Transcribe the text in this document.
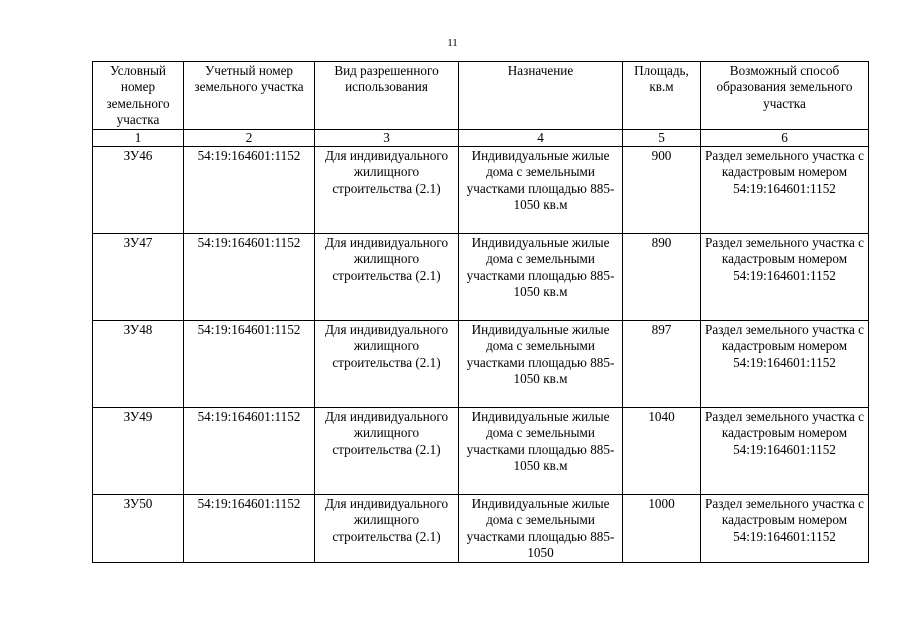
11
Условный номер земельного участка	Учетный номер земельного участка	Вид разрешенного использования	Назначение	Площадь, кв.м	Возможный способ образования земельного участка
1	2	3	4	5	6
ЗУ46	54:19:164601:1152	Для индивидуального жилищного строительства (2.1)	Индивидуальные жилые дома с земельными участками площадью 885-1050 кв.м	900	Раздел земельного участка с кадастровым номером 54:19:164601:1152
ЗУ47	54:19:164601:1152	Для индивидуального жилищного строительства (2.1)	Индивидуальные жилые дома с земельными участками площадью 885-1050 кв.м	890	Раздел земельного участка с кадастровым номером 54:19:164601:1152
ЗУ48	54:19:164601:1152	Для индивидуального жилищного строительства (2.1)	Индивидуальные жилые дома с земельными участками площадью 885-1050 кв.м	897	Раздел земельного участка с кадастровым номером 54:19:164601:1152
ЗУ49	54:19:164601:1152	Для индивидуального жилищного строительства (2.1)	Индивидуальные жилые дома с земельными участками площадью 885-1050 кв.м	1040	Раздел земельного участка с кадастровым номером 54:19:164601:1152
ЗУ50	54:19:164601:1152	Для индивидуального жилищного строительства (2.1)	Индивидуальные жилые дома с земельными участками площадью 885-1050	1000	Раздел земельного участка с кадастровым номером 54:19:164601:1152
